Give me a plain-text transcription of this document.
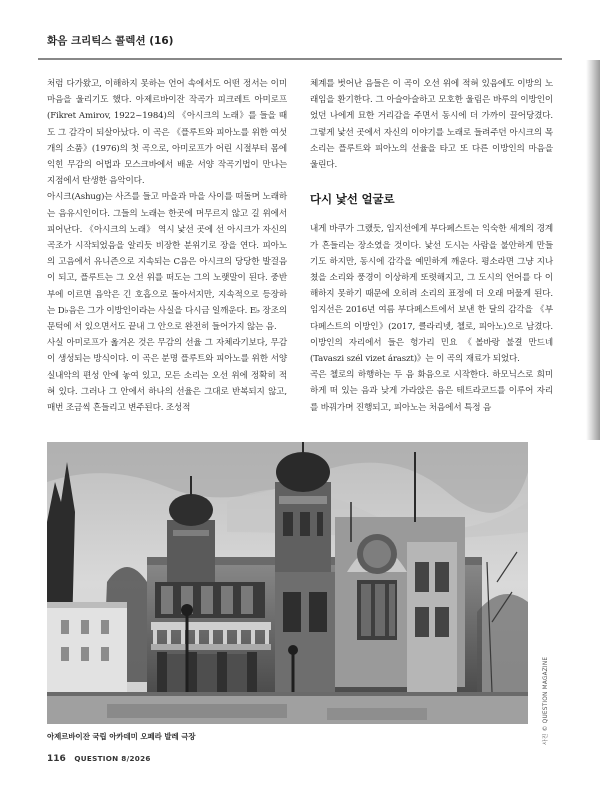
화음 크리틱스 콜렉션 (16)

처럼 다가왔고, 이해하지 못하는 언어 속에서도 어떤 정서는 이미 마음을 울리기도 했다. 아제르바이잔 작곡가 피크레트 아미로프(Fikret Amirov, 1922~1984)의 《아시크의 노래》를 들을 때도 그 감각이 되살아났다. 이 곡은 《플루트와 피아노를 위한 여섯 개의 소품》(1976)의 첫 곡으로, 아미로프가 어린 시절부터 몸에 익힌 무감의 어법과 모스크바에서 배운 서양 작곡기법이 만나는 지점에서 탄생한 음악이다.

아시크(Ashug)는 사즈를 들고 마을과 마을 사이를 떠돌며 노래하는 음유시인이다. 그들의 노래는 한곳에 머무르지 않고 길 위에서 피어난다. 《아시크의 노래》 역시 낯선 곳에 선 아시크가 자신의 곡조가 시작되었음을 알리듯 비장한 분위기로 장을 연다. 피아노의 고음에서 유니즌으로 지속되는 C음은 아시크의 당당한 발걸음이 되고, 플루트는 그 오선 위를 떠도는 그의 노랫말이 된다. 중반부에 이르면 음악은 긴 호흡으로 돌아서지만, 지속적으로 등장하는 D♭음은 그가 이방인이라는 사실을 다시금 일깨운다. E♭ 장조의 문턱에 서 있으면서도 끝내 그 안으로 완전히 들어가지 않는 음.

사실 아미로프가 옮겨온 것은 무감의 선율 그 자체라기보다, 무감이 생성되는 방식이다. 이 곡은 분명 플루트와 피아노를 위한 서양 실내악의 편성 안에 놓여 있고, 모든 소리는 오선 위에 정확히 적혀 있다. 그러나 그 안에서 하나의 선율은 그대로 반복되지 않고, 매번 조금씩 흔들리고 변주된다. 조성적

체계를 벗어난 음들은 이 곡이 오선 위에 적혀 있음에도 이방의 노래임을 환기한다. 그 아슬아슬하고 모호한 울림은 바루의 이방인이었던 나에게 묘한 거리감을 주면서 동시에 더 가까이 끌어당겼다. 그렇게 낯선 곳에서 자신의 이야기를 노래로 들려주던 아시크의 목소리는 플루트와 피아노의 선율을 타고 또 다른 이방인의 마음을 울린다.

다시 낯선 얼굴로

내게 바쿠가 그랬듯, 임지선에게 부다페스트는 익숙한 세계의 경계가 흔들리는 장소였을 것이다. 낯선 도시는 사람을 불안하게 만들기도 하지만, 동시에 감각을 예민하게 깨운다. 평소라면 그냥 지나쳤을 소리와 풍경이 이상하게 또렷해지고, 그 도시의 언어를 다 이해하지 못하기 때문에 오히려 소리의 표정에 더 오래 머물게 된다. 임지선은 2016년 여름 부다페스트에서 보낸 한 달의 감각을 《부다페스트의 이방인》(2017, 클라리넷, 첼로, 피아노)으로 남겼다. 이방인의 자리에서 들은 헝가리 민요 《볼바랑 불결 만드네(Tavaszi szél vizet áraszt)》는 이 곡의 재료가 되었다.

곡은 첼로의 하행하는 두 음 화음으로 시작한다. 하모닉스로 희미하게 떠 있는 음과 낮게 가라앉은 음은 테트라코드를 이루어 자리를 바꿔가며 진행되고, 피아노는 처음에서 특정 음

아제르바이잔 국립 아카데미 오페라 발레 극장	사진 © QUESTION MAGAZINE
116 QUESTION 8/2026
